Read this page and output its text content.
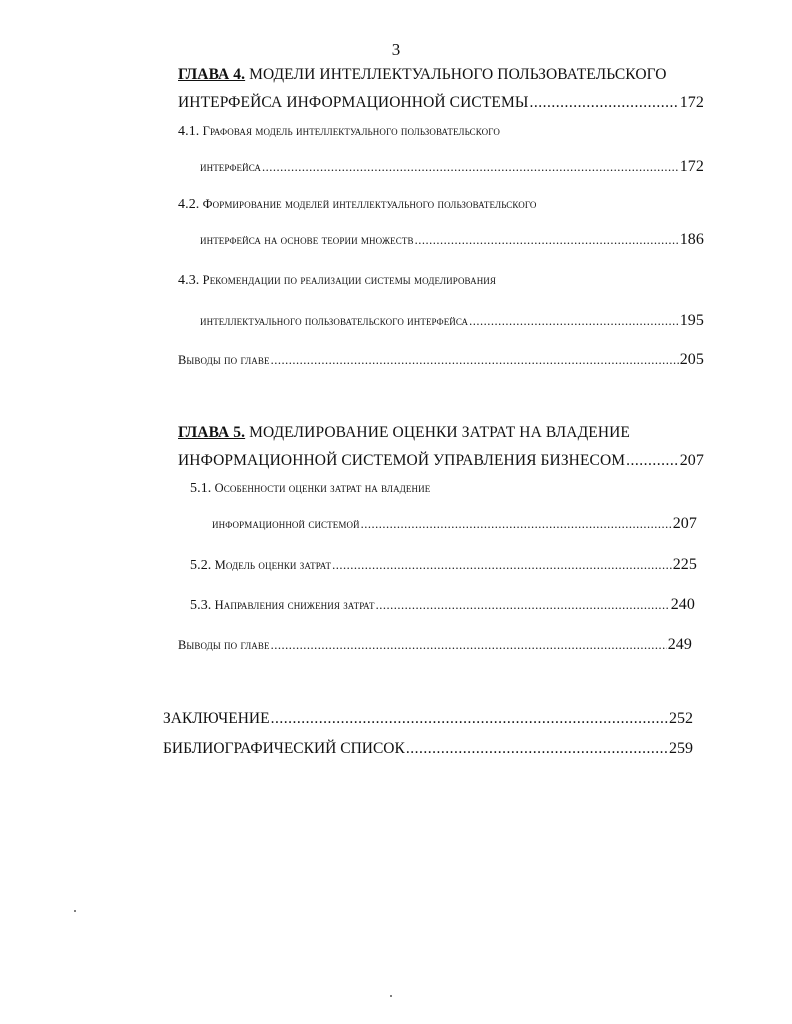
3
ГЛАВА 4.
МОДЕЛИ ИНТЕЛЛЕКТУАЛЬНОГО ПОЛЬЗОВАТЕЛЬСКОГО
ИНТЕРФЕЙСА ИНФОРМАЦИОННОЙ СИСТЕМЫ .....	172
4.1.
Графовая модель интеллектуального пользовательского
интерфейса .....	172
4.2.
Формирование моделей интеллектуального пользовательского
интерфейса на основе теории множеств .....	186
4.3.
Рекомендации по реализации системы моделирования
интеллектуального пользовательского интерфейса .....	195
Выводы по главе .....	205
ГЛАВА 5.
МОДЕЛИРОВАНИЕ ОЦЕНКИ ЗАТРАТ НА ВЛАДЕНИЕ
ИНФОРМАЦИОННОЙ СИСТЕМОЙ УПРАВЛЕНИЯ БИЗНЕСОМ .....	207
5.1.
Особенности оценки затрат на владение
информационной системой .....	207
5.2. Модель оценки затрат .....	225
5.3. Направления снижения затрат .....	240
Выводы по главе .....	249
ЗАКЛЮЧЕНИЕ .....	252
БИБЛИОГРАФИЧЕСКИЙ СПИСОК .....	259
